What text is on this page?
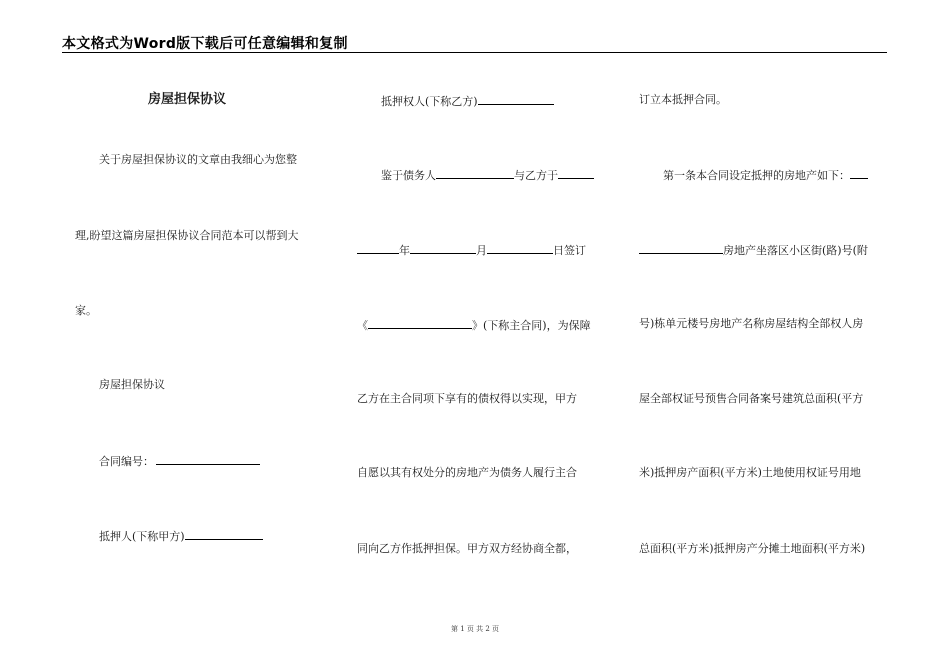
本文格式为Word版下载后可任意编辑和复制
房屋担保协议
关于房屋担保协议的文章由我细心为您整
理,盼望这篇房屋担保协议合同范本可以帮到大
家。
房屋担保协议
合同编号：
抵押人(下称甲方)
抵押权人(下称乙方)
鉴于债务人	与乙方于
年	月	日签订
《	》(下称主合同)，为保障
乙方在主合同项下享有的债权得以实现，甲方
自愿以其有权处分的房地产为债务人履行主合
同向乙方作抵押担保。甲方双方经协商全都，
订立本抵押合同。
第一条本合同设定抵押的房地产如下：
房地产坐落区小区街(路)号(附
号)栋单元楼号房地产名称房屋结构全部权人房
屋全部权证号预售合同备案号建筑总面积(平方
米)抵押房产面积(平方米)土地使用权证号用地
总面积(平方米)抵押房产分摊土地面积(平方米)
第 1 页 共 2 页
